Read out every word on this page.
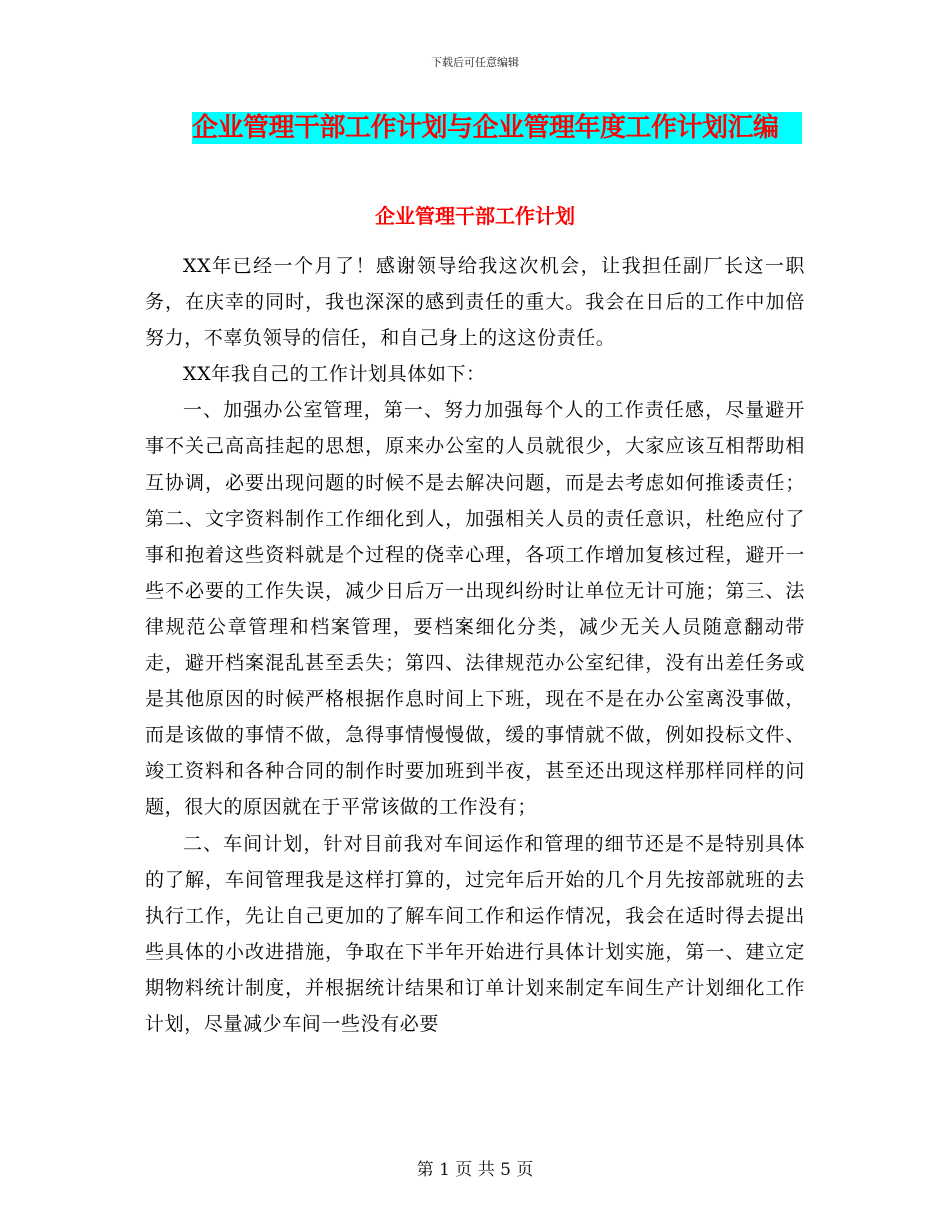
下载后可任意编辑
企业管理干部工作计划与企业管理年度工作计划汇编
企业管理干部工作计划

XX年已经一个月了！感谢领导给我这次机会，让我担任副厂长这一职务，在庆幸的同时，我也深深的感到责任的重大。我会在日后的工作中加倍努力，不辜负领导的信任，和自己身上的这这份责任。

XX年我自己的工作计划具体如下：

一、加强办公室管理，第一、努力加强每个人的工作责任感，尽量避开事不关己高高挂起的思想，原来办公室的人员就很少，大家应该互相帮助相互协调，必要出现问题的时候不是去解决问题，而是去考虑如何推诿责任；第二、文字资料制作工作细化到人，加强相关人员的责任意识，杜绝应付了事和抱着这些资料就是个过程的侥幸心理，各项工作增加复核过程，避开一些不必要的工作失误，减少日后万一出现纠纷时让单位无计可施；第三、法律规范公章管理和档案管理，要档案细化分类，减少无关人员随意翻动带走，避开档案混乱甚至丢失；第四、法律规范办公室纪律，没有出差任务或是其他原因的时候严格根据作息时间上下班，现在不是在办公室离没事做，而是该做的事情不做，急得事情慢慢做，缓的事情就不做，例如投标文件、竣工资料和各种合同的制作时要加班到半夜，甚至还出现这样那样同样的问题，很大的原因就在于平常该做的工作没有；

二、车间计划，针对目前我对车间运作和管理的细节还是不是特别具体的了解，车间管理我是这样打算的，过完年后开始的几个月先按部就班的去执行工作，先让自己更加的了解车间工作和运作情况，我会在适时得去提出些具体的小改进措施，争取在下半年开始进行具体计划实施，第一、建立定期物料统计制度，并根据统计结果和订单计划来制定车间生产计划细化工作计划，尽量减少车间一些没有必要

第 1 页 共 5 页
